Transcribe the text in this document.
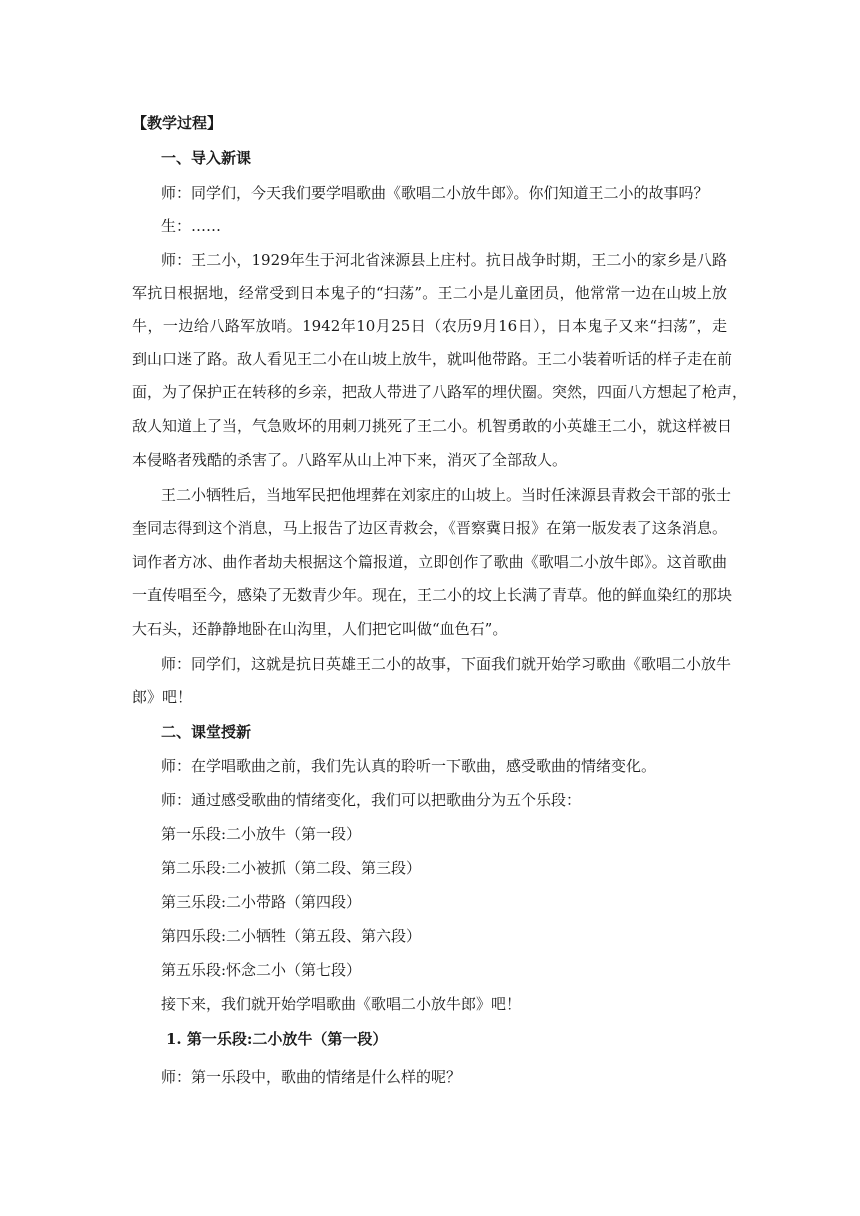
【教学过程】
一、导入新课
师：同学们，今天我们要学唱歌曲《歌唱二小放牛郎》。你们知道王二小的故事吗？
生：……
师：王二小，1929年生于河北省涞源县上庄村。抗日战争时期，王二小的家乡是八路
军抗日根据地，经常受到日本鬼子的“扫荡”。王二小是儿童团员，他常常一边在山坡上放
牛，一边给八路军放哨。1942年10月25日（农历9月16日），日本鬼子又来“扫荡”，走
到山口迷了路。敌人看见王二小在山坡上放牛，就叫他带路。王二小装着听话的样子走在前
面，为了保护正在转移的乡亲，把敌人带进了八路军的埋伏圈。突然，四面八方想起了枪声，
敌人知道上了当，气急败坏的用刺刀挑死了王二小。机智勇敢的小英雄王二小，就这样被日
本侵略者残酷的杀害了。八路军从山上冲下来，消灭了全部敌人。
王二小牺牲后，当地军民把他埋葬在刘家庄的山坡上。当时任涞源县青救会干部的张士
奎同志得到这个消息，马上报告了边区青救会，《晋察冀日报》在第一版发表了这条消息。
词作者方冰、曲作者劫夫根据这个篇报道，立即创作了歌曲《歌唱二小放牛郎》。这首歌曲
一直传唱至今，感染了无数青少年。现在，王二小的坟上长满了青草。他的鲜血染红的那块
大石头，还静静地卧在山沟里，人们把它叫做“血色石”。
师：同学们，这就是抗日英雄王二小的故事，下面我们就开始学习歌曲《歌唱二小放牛
郎》吧！
二、课堂授新
师：在学唱歌曲之前，我们先认真的聆听一下歌曲，感受歌曲的情绪变化。
师：通过感受歌曲的情绪变化，我们可以把歌曲分为五个乐段：
第一乐段:二小放牛（第一段）
第二乐段:二小被抓（第二段、第三段）
第三乐段:二小带路（第四段）
第四乐段:二小牺牲（第五段、第六段）
第五乐段:怀念二小（第七段）
接下来，我们就开始学唱歌曲《歌唱二小放牛郎》吧！
1. 第一乐段:二小放牛（第一段）
师：第一乐段中，歌曲的情绪是什么样的呢？
